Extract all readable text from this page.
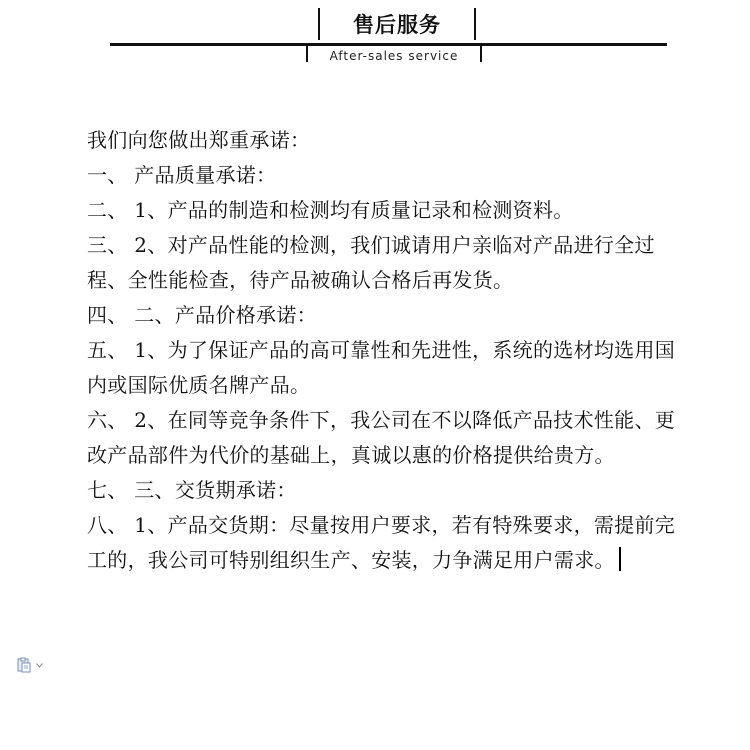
售后服务
After-sales service

我们向您做出郑重承诺：

一、 产品质量承诺：

二、 1、产品的制造和检测均有质量记录和检测资料。

三、 2、对产品性能的检测，我们诚请用户亲临对产品进行全过程、全性能检查，待产品被确认合格后再发货。

四、 二、产品价格承诺：

五、 1、为了保证产品的高可靠性和先进性，系统的选材均选用国内或国际优质名牌产品。

六、 2、在同等竞争条件下，我公司在不以降低产品技术性能、更改产品部件为代价的基础上，真诚以惠的价格提供给贵方。

七、 三、交货期承诺：

八、 1、产品交货期：尽量按用户要求，若有特殊要求，需提前完工的，我公司可特别组织生产、安装，力争满足用户需求。
